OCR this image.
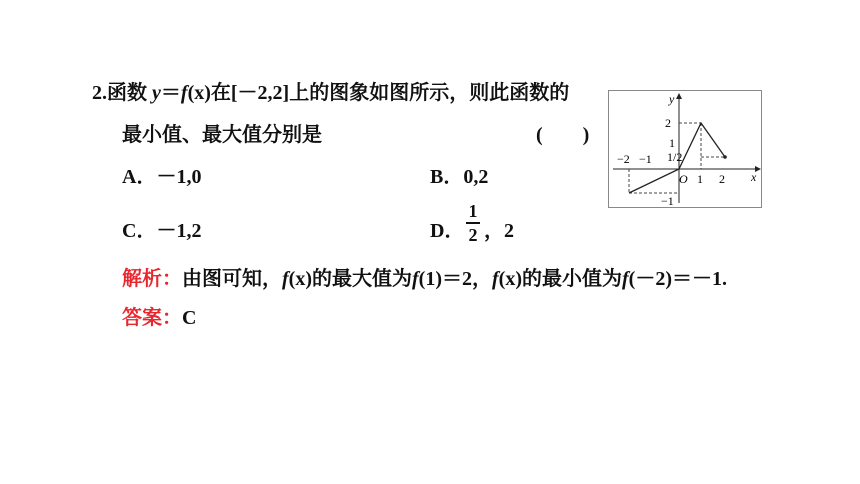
2.函数 y＝f(x)在[－2,2]上的图象如图所示，则此函数的
最小值、最大值分别是	(　　)
A．－1,0	B．0,2
C．－1,2	D．
1
2 ，2
解析：由图可知，f(x)的最大值为f(1)＝2，f(x)的最小值为f(－2)＝－1.
答案：C
y
x
O
2
1
1/2
−1
−2 −1
1 2
